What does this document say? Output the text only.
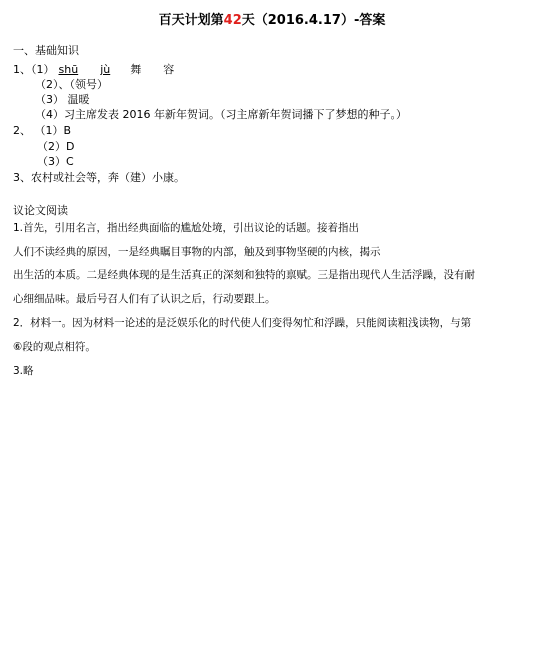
百天计划第42天（2016.4.17）-答案
一、基础知识
1、（1） shū jù 舞 容
（2）、（领号）
（3） 温暖
（4）习主席发表 2016 年新年贺词。（习主席新年贺词播下了梦想的种子。）
2、 （1）B
（2）D
（3）C
3、农村或社会等，奔（建）小康。
议论文阅读
1.首先，引用名言，指出经典面临的尴尬处境，引出议论的话题。接着指出
人们不读经典的原因，一是经典瞩目事物的内部，触及到事物坚硬的内核，揭示
出生活的本质。二是经典体现的是生活真正的深刻和独特的禀赋。三是指出现代人生活浮躁，没有耐
心细细品味。最后号召人们有了认识之后，行动要跟上。
2．材料一。因为材料一论述的是泛娱乐化的时代使人们变得匆忙和浮躁，只能阅读粗浅读物，与第
⑥段的观点相符。
3.略
